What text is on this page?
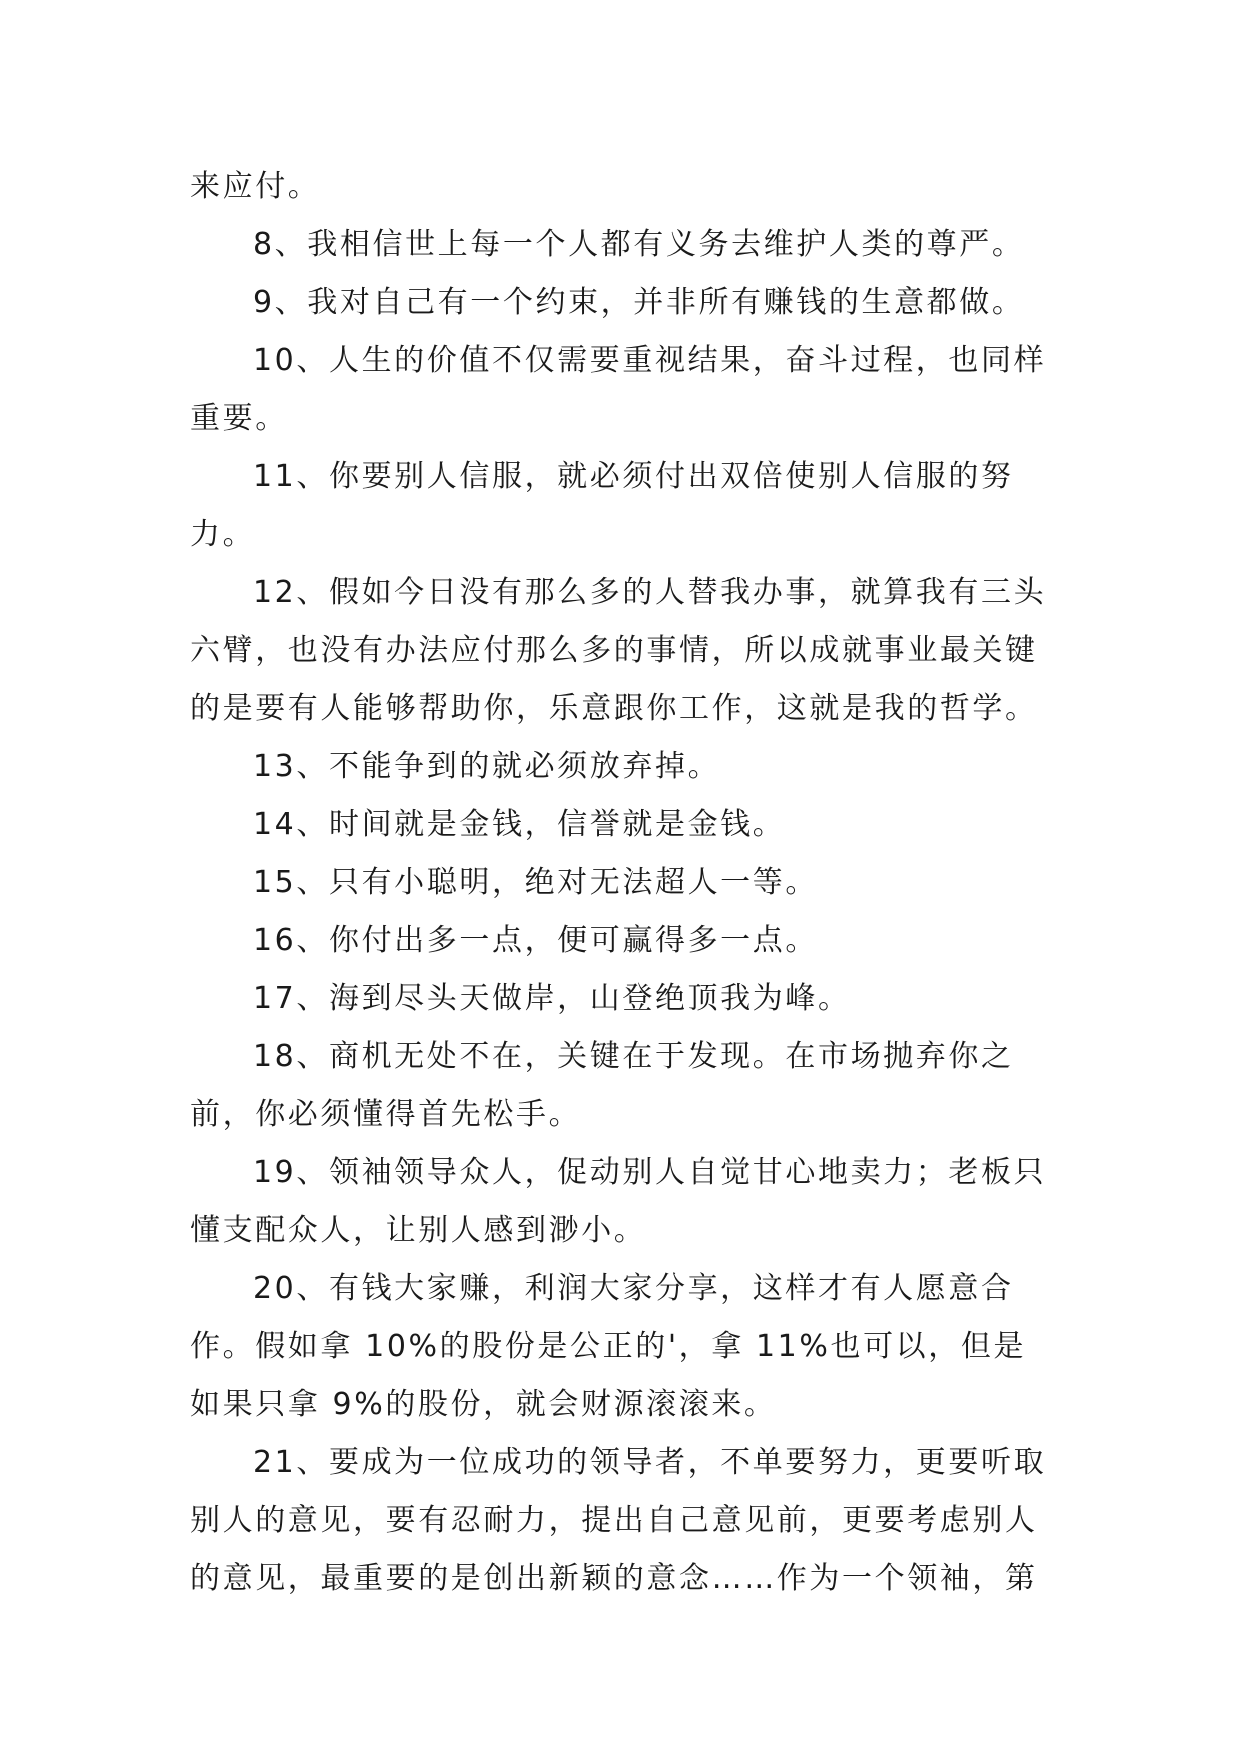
来应付。

8、我相信世上每一个人都有义务去维护人类的尊严。

9、我对自己有一个约束，并非所有赚钱的生意都做。

10、人生的价值不仅需要重视结果，奋斗过程，也同样重要。

11、你要别人信服，就必须付出双倍使别人信服的努力。

12、假如今日没有那么多的人替我办事，就算我有三头六臂，也没有办法应付那么多的事情，所以成就事业最关键的是要有人能够帮助你，乐意跟你工作，这就是我的哲学。

13、不能争到的就必须放弃掉。

14、时间就是金钱，信誉就是金钱。

15、只有小聪明，绝对无法超人一等。

16、你付出多一点，便可赢得多一点。

17、海到尽头天做岸，山登绝顶我为峰。

18、商机无处不在，关键在于发现。在市场抛弃你之前，你必须懂得首先松手。

19、领袖领导众人，促动别人自觉甘心地卖力；老板只懂支配众人，让别人感到渺小。

20、有钱大家赚，利润大家分享，这样才有人愿意合作。假如拿 10%的股份是公正的'，拿 11%也可以，但是如果只拿 9%的股份，就会财源滚滚来。

21、要成为一位成功的领导者，不单要努力，更要听取别人的意见，要有忍耐力，提出自己意见前，更要考虑别人的意见，最重要的是创出新颖的意念……作为一个领袖，第
